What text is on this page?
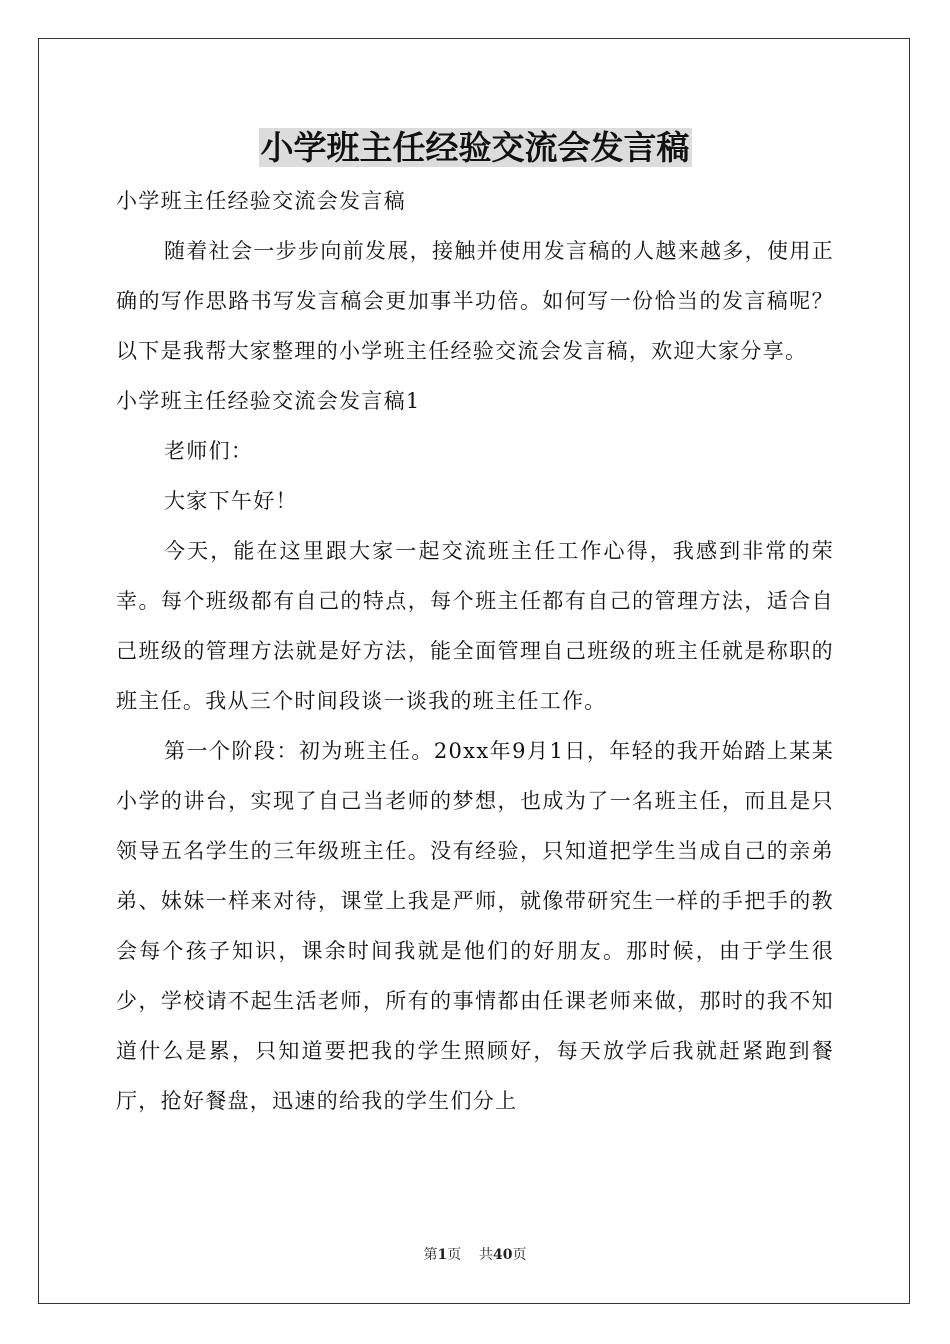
小学班主任经验交流会发言稿

小学班主任经验交流会发言稿

随着社会一步步向前发展，接触并使用发言稿的人越来越多，使用正确的写作思路书写发言稿会更加事半功倍。如何写一份恰当的发言稿呢？以下是我帮大家整理的小学班主任经验交流会发言稿，欢迎大家分享。

小学班主任经验交流会发言稿1

老师们：

大家下午好！

今天，能在这里跟大家一起交流班主任工作心得，我感到非常的荣幸。每个班级都有自己的特点，每个班主任都有自己的管理方法，适合自己班级的管理方法就是好方法，能全面管理自己班级的班主任就是称职的班主任。我从三个时间段谈一谈我的班主任工作。

第一个阶段：初为班主任。20xx年9月1日，年轻的我开始踏上某某小学的讲台，实现了自己当老师的梦想，也成为了一名班主任，而且是只领导五名学生的三年级班主任。没有经验，只知道把学生当成自己的亲弟弟、妹妹一样来对待，课堂上我是严师，就像带研究生一样的手把手的教会每个孩子知识，课余时间我就是他们的好朋友。那时候，由于学生很少，学校请不起生活老师，所有的事情都由任课老师来做，那时的我不知道什么是累，只知道要把我的学生照顾好，每天放学后我就赶紧跑到餐厅，抢好餐盘，迅速的给我的学生们分上

第1页 共40页
